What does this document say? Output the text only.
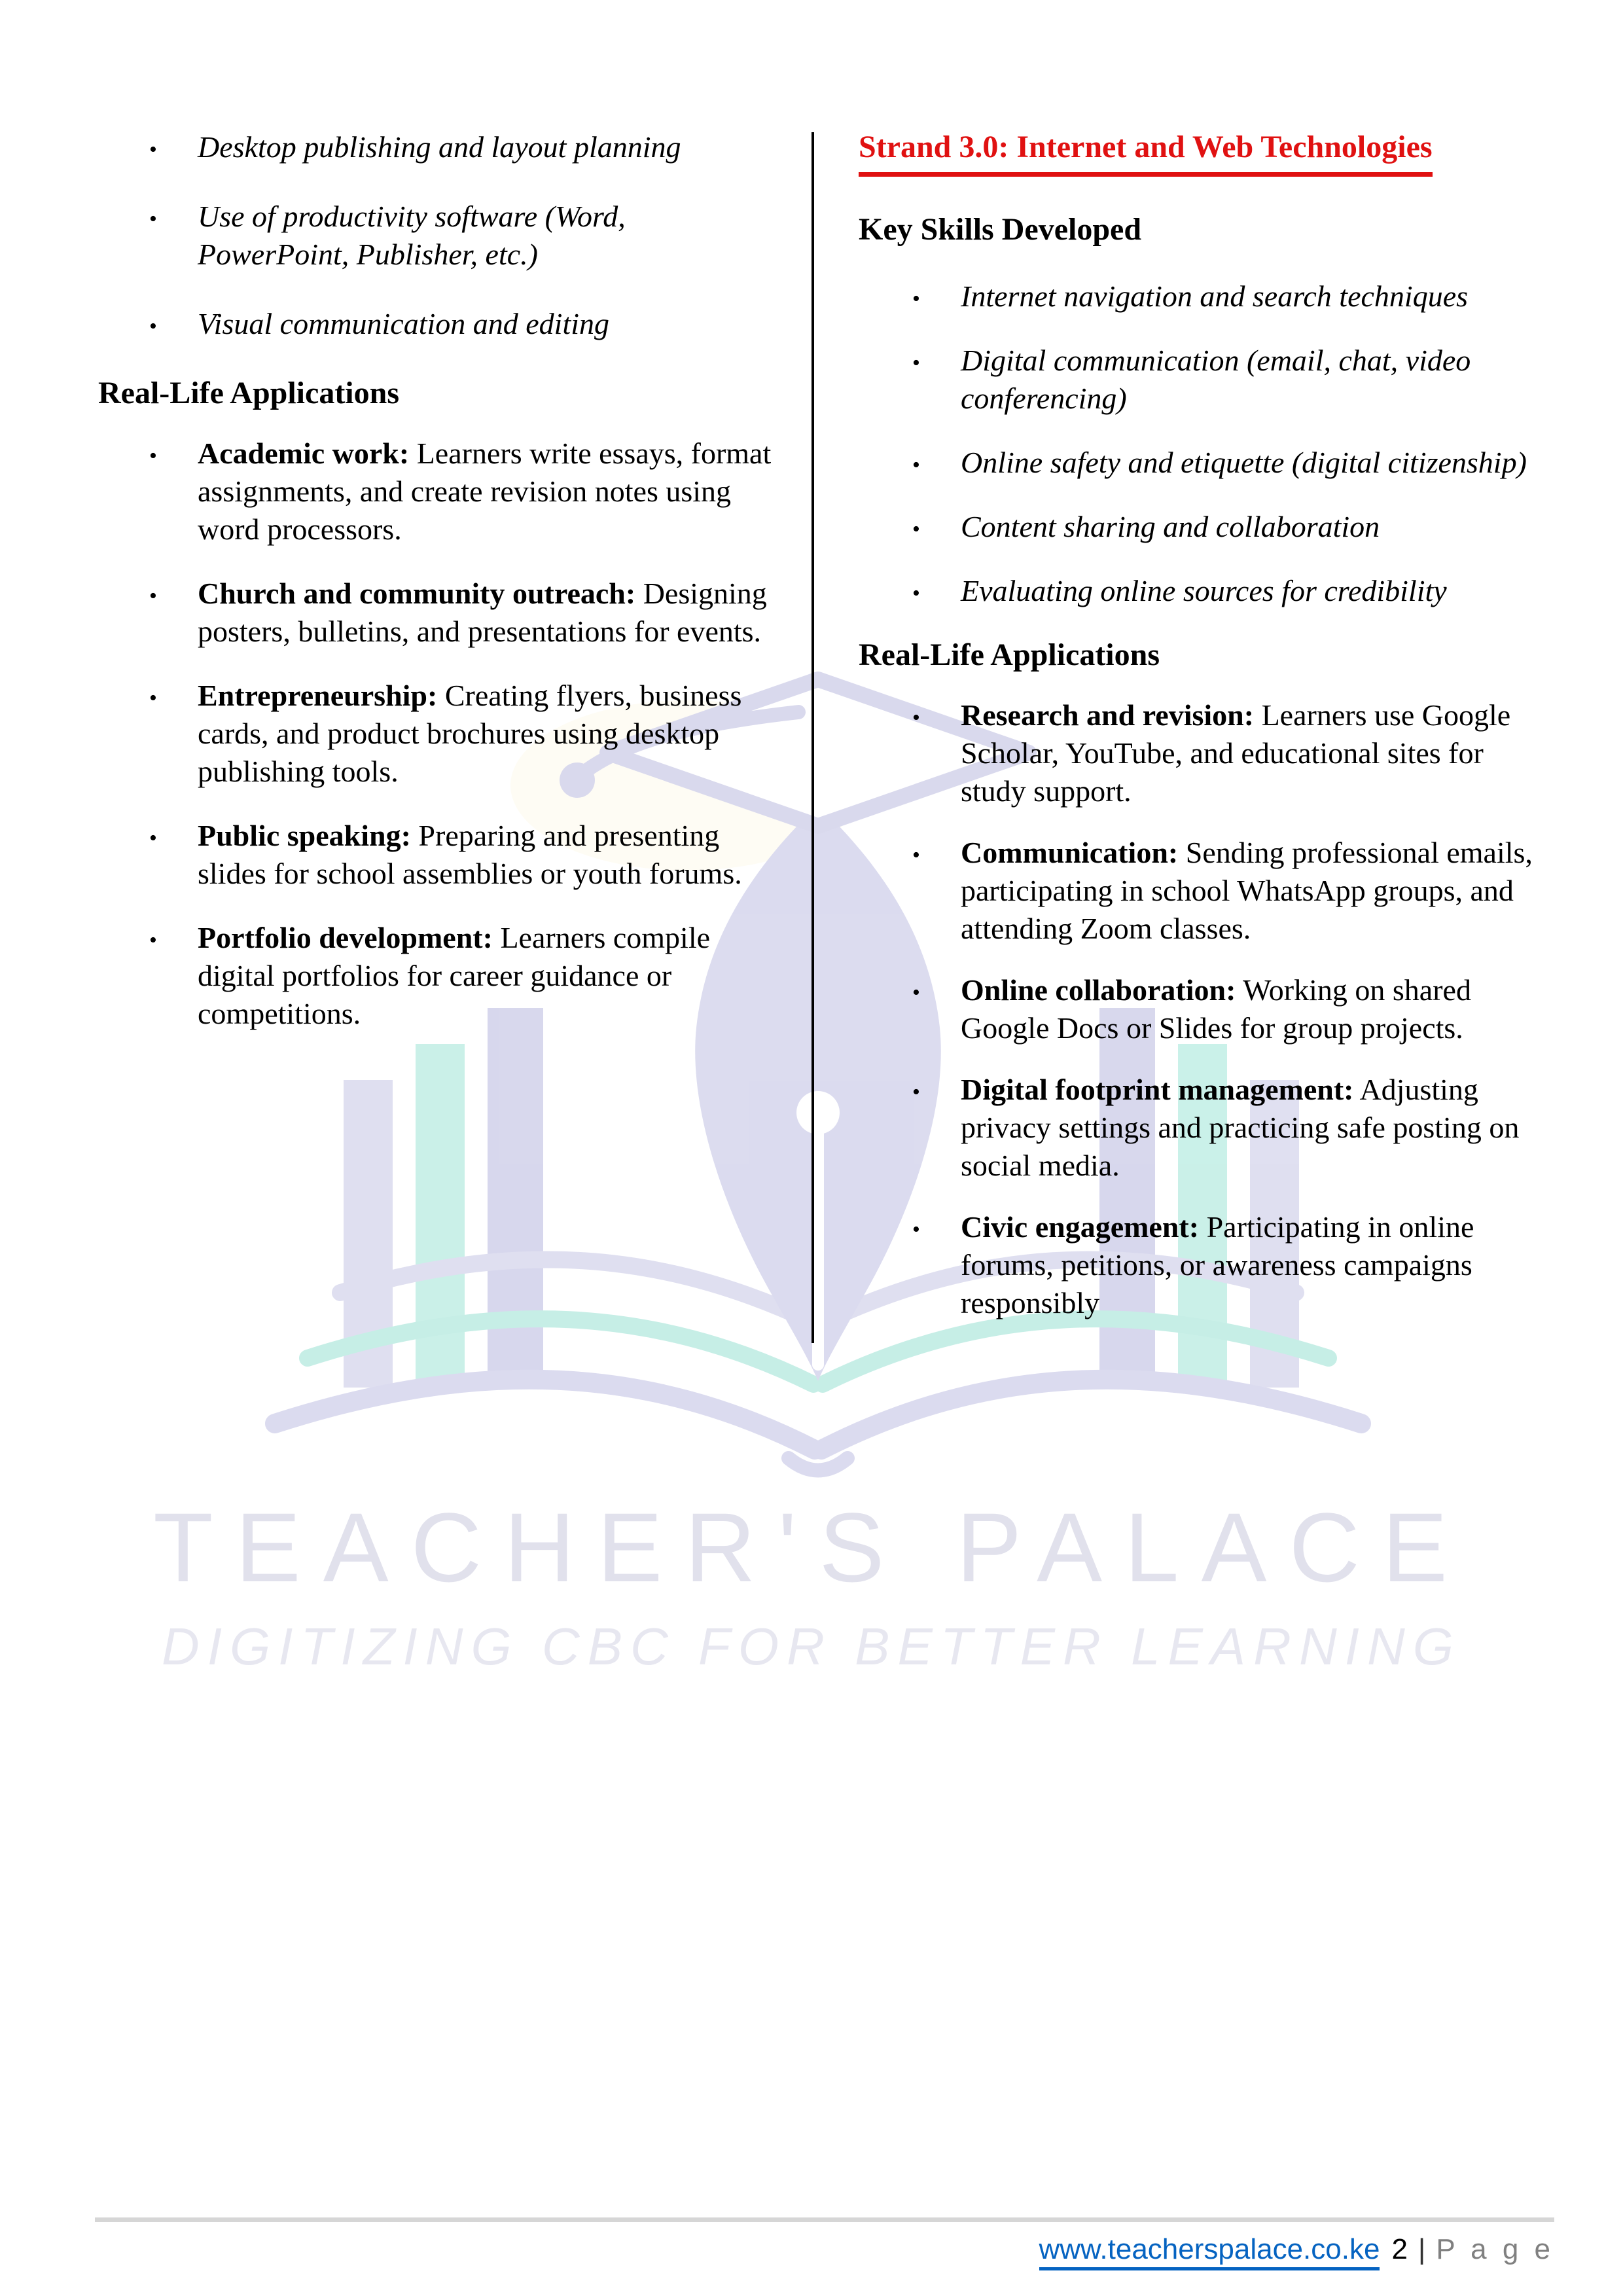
TEACHER'S PALACE
DIGITIZING CBC FOR BETTER LEARNING
• Desktop publishing and layout planning
• Use of productivity software (Word, PowerPoint, Publisher, etc.)
• Visual communication and editing
Real-Life Applications
• Academic work: Learners write essays, format assignments, and create revision notes using word processors.
• Church and community outreach: Designing posters, bulletins, and presentations for events.
• Entrepreneurship: Creating flyers, business cards, and product brochures using desktop publishing tools.
• Public speaking: Preparing and presenting slides for school assemblies or youth forums.
• Portfolio development: Learners compile digital portfolios for career guidance or competitions.
Strand 3.0: Internet and Web Technologies
Key Skills Developed
• Internet navigation and search techniques
• Digital communication (email, chat, video conferencing)
• Online safety and etiquette (digital citizenship)
• Content sharing and collaboration
• Evaluating online sources for credibility
Real-Life Applications
• Research and revision: Learners use Google Scholar, YouTube, and educational sites for study support.
• Communication: Sending professional emails, participating in school WhatsApp groups, and attending Zoom classes.
• Online collaboration: Working on shared Google Docs or Slides for group projects.
• Digital footprint management: Adjusting privacy settings and practicing safe posting on social media.
• Civic engagement: Participating in online forums, petitions, or awareness campaigns responsibly
www.teacherspalace.co.ke 2 | P a g e
